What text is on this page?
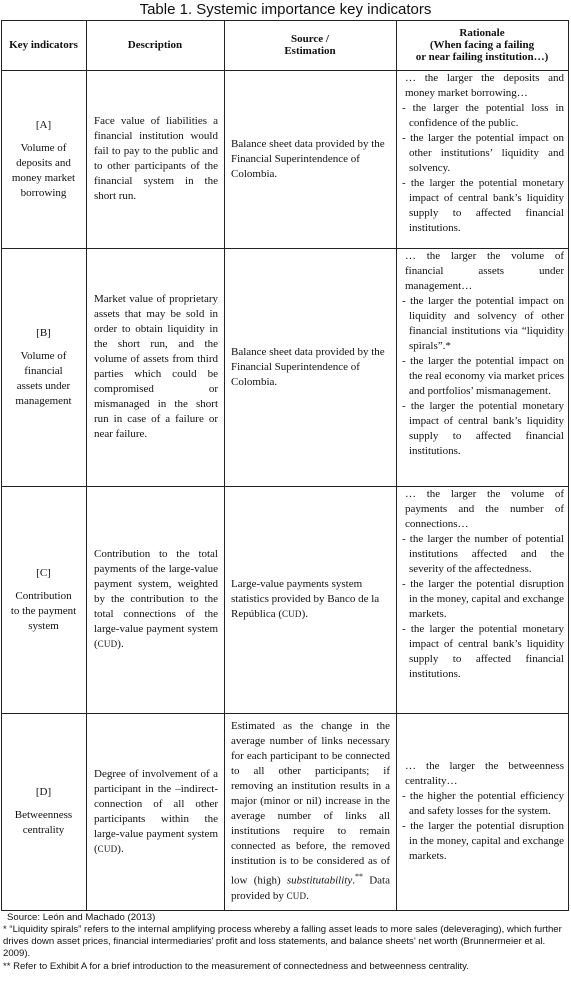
Table 1. Systemic importance key indicators
Key indicators	Description	Source /
Estimation
Rationale
(When facing a failing
or near failing institution…)
[A]
Volume of
deposits and
money market
borrowing
Face value of liabilities a financial institution would fail to pay to the public and to other participants of the financial system in the short run.
Balance sheet data provided by the Financial Superintendence of Colombia.
… the larger the deposits and money market borrowing…
- the larger the potential loss in confidence of the public.
- the larger the potential impact on other institutions’ liquidity and solvency.
- the larger the potential monetary impact of central bank’s liquidity supply to affected financial institutions.
[B]
Volume of
financial
assets under
management
Market value of proprietary assets that may be sold in order to obtain liquidity in the short run, and the volume of assets from third parties which could be compromised or mismanaged in the short run in case of a failure or near failure.
Balance sheet data provided by the Financial Superintendence of Colombia.
… the larger the volume of financial assets under management…
- the larger the potential impact on liquidity and solvency of other financial institutions via “liquidity spirals”.*
- the larger the potential impact on the real economy via market prices and portfolios’ mismanagement.
- the larger the potential monetary impact of central bank’s liquidity supply to affected financial institutions.
[C]
Contribution
to the payment
system
Contribution to the total payments of the large-value payment system, weighted by the contribution to the total connections of the large-value payment system (CUD).
Large-value payments system statistics provided by Banco de la República (CUD).
… the larger the volume of payments and the number of connections…
- the larger the number of potential institutions affected and the severity of the affectedness.
- the larger the potential disruption in the money, capital and exchange markets.
- the larger the potential monetary impact of central bank’s liquidity supply to affected financial institutions.
[D]
Betweenness
centrality
Degree of involvement of a participant in the –indirect- connection of all other participants within the large-value payment system (CUD).
Estimated as the change in the average number of links necessary for each participant to be connected to all other participants; if removing an institution results in a major (minor or nil) increase in the average number of links all institutions require to remain connected as before, the removed institution is to be considered as of low (high) substitutability.** Data provided by CUD.
… the larger the betweenness centrality…
- the higher the potential efficiency and safety losses for the system.
- the larger the potential disruption in the money, capital and exchange markets.
Source: León and Machado (2013)
* “Liquidity spirals” refers to the internal amplifying process whereby a falling asset leads to more sales (deleveraging), which further drives down asset prices, financial intermediaries’ profit and loss statements, and balance sheets’ net worth (Brunnermeier et al. 2009).
** Refer to Exhibit A for a brief introduction to the measurement of connectedness and betweenness centrality.
